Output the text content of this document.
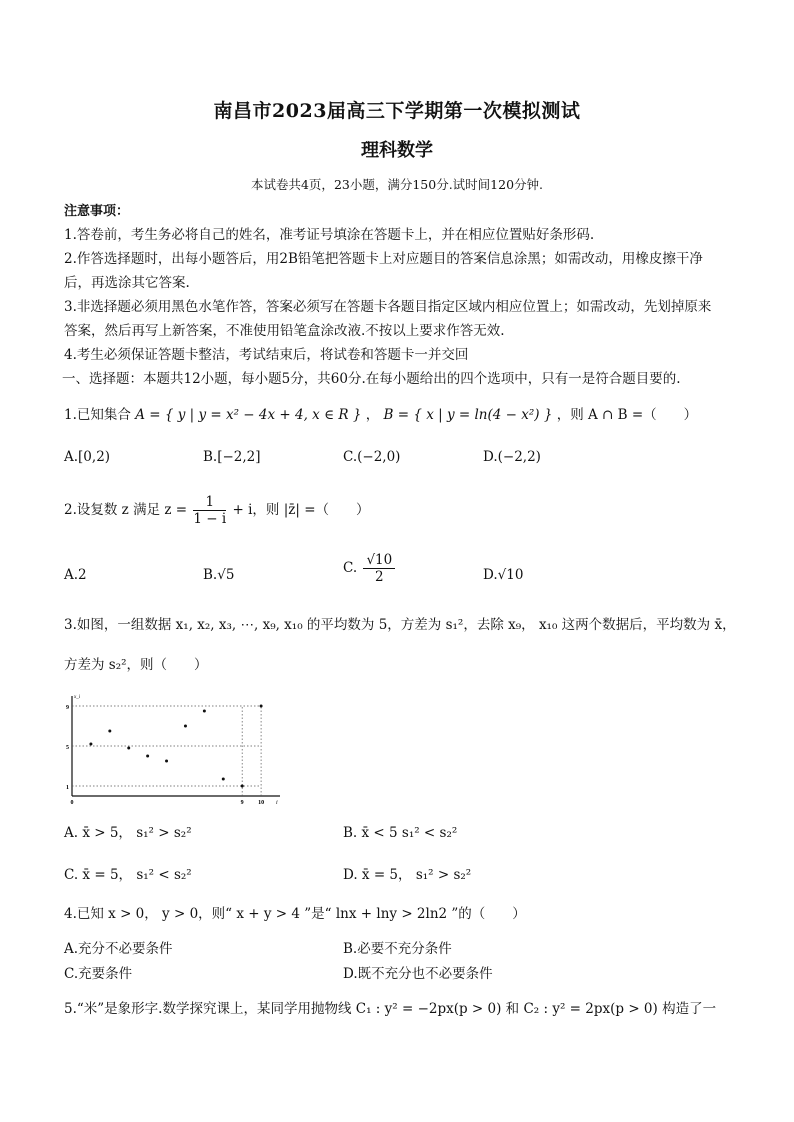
南昌市2023届高三下学期第一次模拟测试
理科数学
本试卷共4页，23小题，满分150分.试时间120分钟.
注意事项：
1.答卷前，考生务必将自己的姓名，准考证号填涂在答题卡上，并在相应位置贴好条形码.
2.作答选择题时，出每小题答后，用2B铅笔把答题卡上对应题目的答案信息涂黑；如需改动，用橡皮擦干净
后，再选涂其它答案.
3.非选择题必须用黑色水笔作答，答案必须写在答题卡各题目指定区域内相应位置上；如需改动，先划掉原来
答案，然后再写上新答案，不准使用铅笔盒涂改液.不按以上要求作答无效.
4.考生必须保证答题卡整洁，考试结束后，将试卷和答题卡一并交回
一、选择题：本题共12小题，每小题5分，共60分.在每小题给出的四个选项中，只有一是符合题目要的.
1.已知集合 A = { y | y = x² − 4x + 4, x ∈ R } ， B = { x | y = ln(4 − x²) } ，则 A ∩ B =（　　）
A.[0,2)	B.[−2,2]	C.(−2,0)	D.(−2,2)
2.设复数 z 满足 $z = \frac{1}{1 - i} + i$，则 |z̄| =（　　）
A.2	B.√5	C. $\frac{√10}{2}$	D.√10
3.如图，一组数据 x₁, x₂, x₃, ⋯, x₉, x₁₀ 的平均数为 5，方差为 s₁²，去除 x₉， x₁₀ 这两个数据后，平均数为 x̄，
方差为 s₂²，则（　　）
1
5
9
0	9 10
x_i
i
A. x̄ > 5， s₁² > s₂²	B. x̄ < 5 s₁² < s₂²
C. x̄ = 5， s₁² < s₂²	D. x̄ = 5， s₁² > s₂²
4.已知 x > 0， y > 0，则“ x + y > 4 ”是“ lnx + lny > 2ln2 ”的（　　）
A.充分不必要条件	B.必要不充分条件
C.充要条件	D.既不充分也不必要条件
5.“米”是象形字.数学探究课上，某同学用抛物线 C₁ : y² = −2px(p > 0) 和 C₂ : y² = 2px(p > 0) 构造了一
